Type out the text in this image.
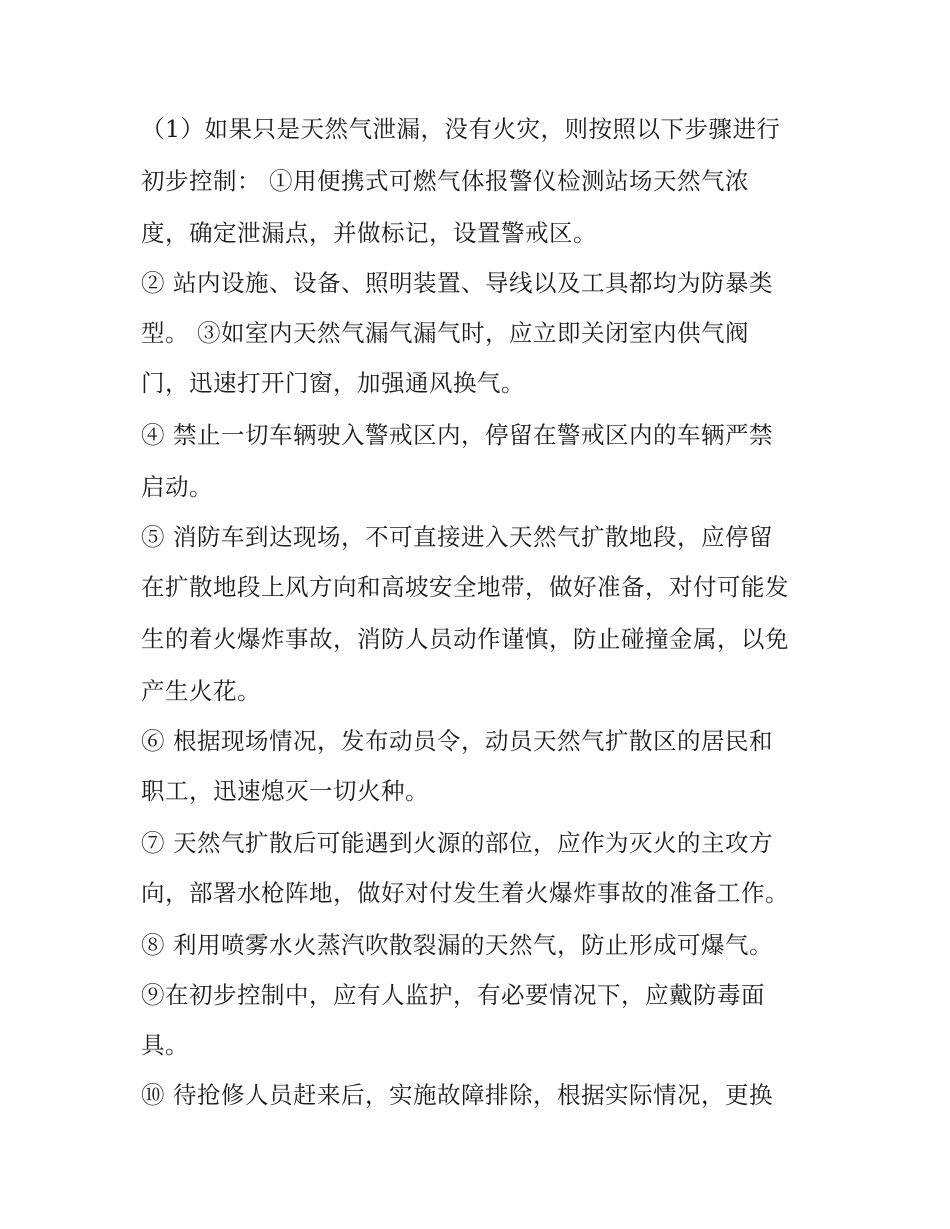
（1）如果只是天然气泄漏，没有火灾，则按照以下步骤进行
初步控制： ①用便携式可燃气体报警仪检测站场天然气浓
度，确定泄漏点，并做标记，设置警戒区。
② 站内设施、设备、照明装置、导线以及工具都均为防暴类
型。 ③如室内天然气漏气漏气时，应立即关闭室内供气阀
门，迅速打开门窗，加强通风换气。
④ 禁止一切车辆驶入警戒区内，停留在警戒区内的车辆严禁
启动。
⑤ 消防车到达现场，不可直接进入天然气扩散地段，应停留
在扩散地段上风方向和高坡安全地带，做好准备，对付可能发
生的着火爆炸事故，消防人员动作谨慎，防止碰撞金属，以免
产生火花。
⑥ 根据现场情况，发布动员令，动员天然气扩散区的居民和
职工，迅速熄灭一切火种。
⑦ 天然气扩散后可能遇到火源的部位，应作为灭火的主攻方
向，部署水枪阵地，做好对付发生着火爆炸事故的准备工作。
⑧ 利用喷雾水火蒸汽吹散裂漏的天然气，防止形成可爆气。
⑨在初步控制中，应有人监护，有必要情况下，应戴防毒面
具。
⑩ 待抢修人员赶来后，实施故障排除，根据实际情况，更换
